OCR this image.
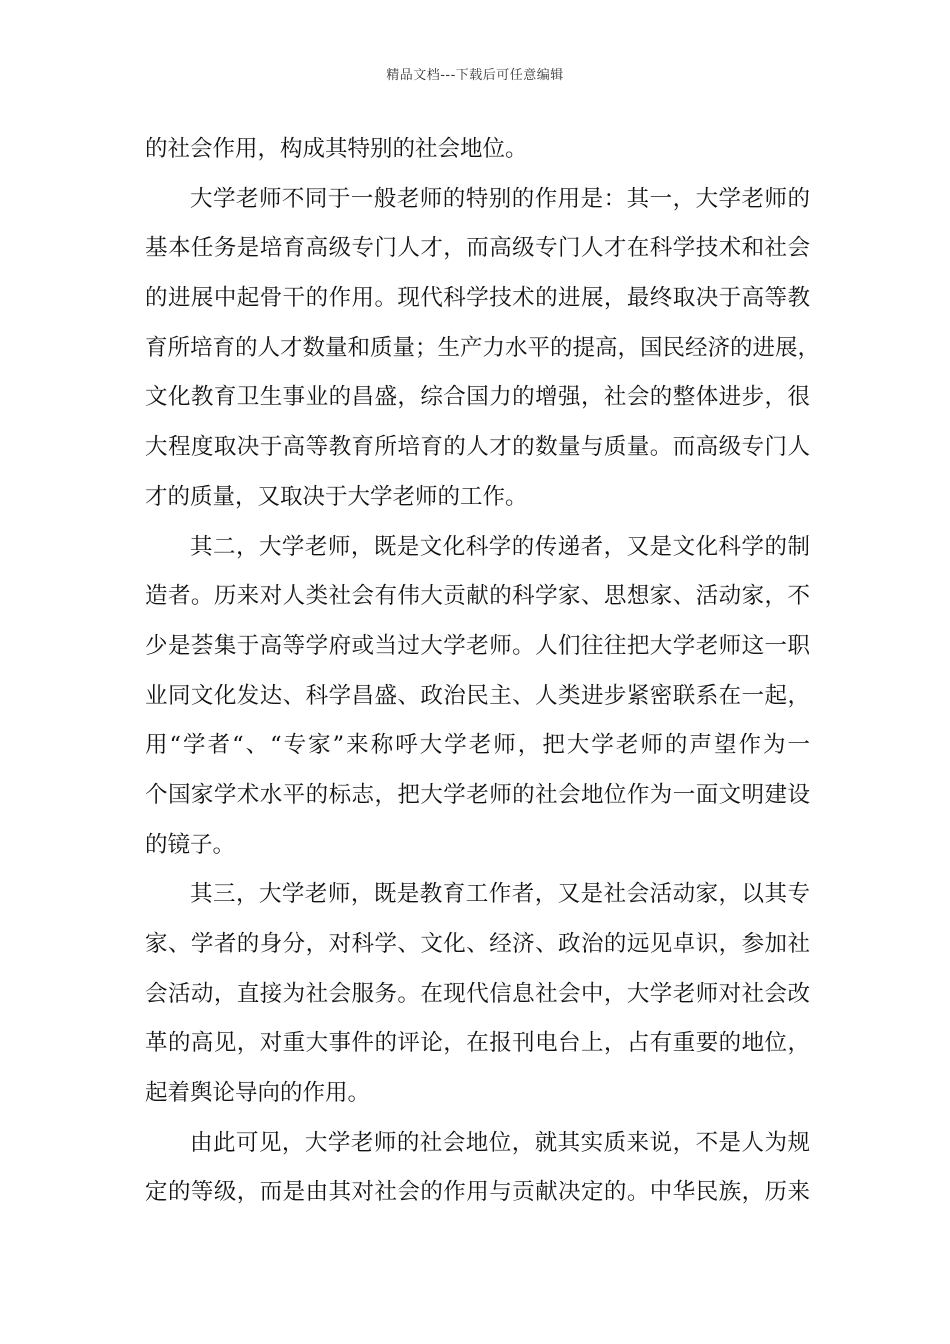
精品文档---下载后可任意编辑
的社会作用，构成其特别的社会地位。
大学老师不同于一般老师的特别的作用是：其一，大学老师的
基本任务是培育高级专门人才，而高级专门人才在科学技术和社会
的进展中起骨干的作用。现代科学技术的进展，最终取决于高等教
育所培育的人才数量和质量；生产力水平的提高，国民经济的进展，
文化教育卫生事业的昌盛，综合国力的增强，社会的整体进步，很
大程度取决于高等教育所培育的人才的数量与质量。而高级专门人
才的质量，又取决于大学老师的工作。
其二，大学老师，既是文化科学的传递者，又是文化科学的制
造者。历来对人类社会有伟大贡献的科学家、思想家、活动家，不
少是荟集于高等学府或当过大学老师。人们往往把大学老师这一职
业同文化发达、科学昌盛、政治民主、人类进步紧密联系在一起，
用“学者“、“专家”来称呼大学老师，把大学老师的声望作为一
个国家学术水平的标志，把大学老师的社会地位作为一面文明建设
的镜子。
其三，大学老师，既是教育工作者，又是社会活动家，以其专
家、学者的身分，对科学、文化、经济、政治的远见卓识，参加社
会活动，直接为社会服务。在现代信息社会中，大学老师对社会改
革的高见，对重大事件的评论，在报刊电台上，占有重要的地位，
起着舆论导向的作用。
由此可见，大学老师的社会地位，就其实质来说，不是人为规
定的等级，而是由其对社会的作用与贡献决定的。中华民族，历来
